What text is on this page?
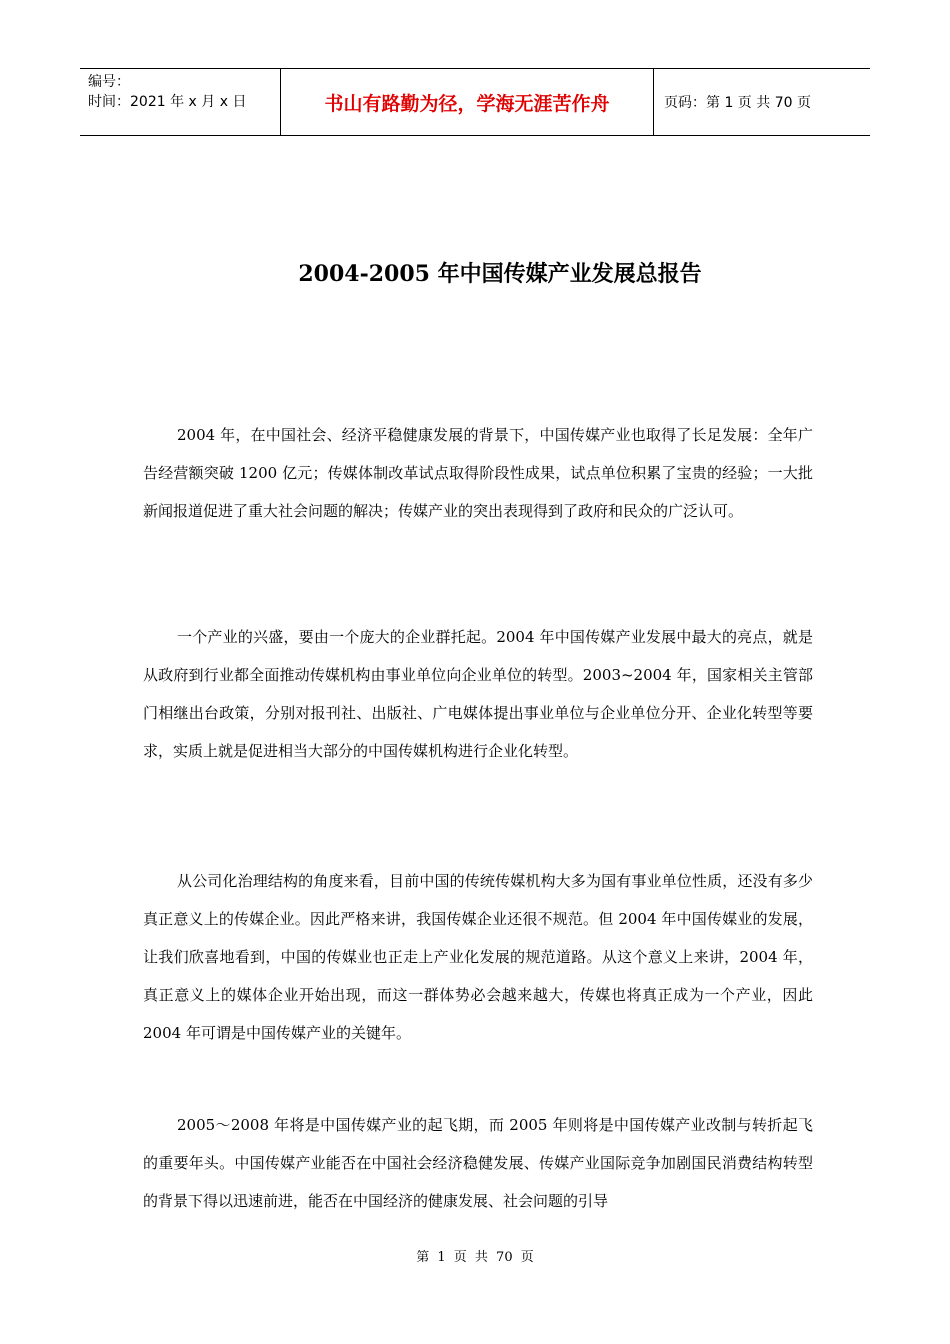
编号：
时间：2021 年 x 月 x 日	书山有路勤为径，学海无涯苦作舟	页码：第 1 页 共 70 页
2004-2005 年中国传媒产业发展总报告

2004 年，在中国社会、经济平稳健康发展的背景下，中国传媒产业也取得了长足发展：全年广告经营额突破 1200 亿元；传媒体制改革试点取得阶段性成果，试点单位积累了宝贵的经验；一大批新闻报道促进了重大社会问题的解决；传媒产业的突出表现得到了政府和民众的广泛认可。

一个产业的兴盛，要由一个庞大的企业群托起。2004 年中国传媒产业发展中最大的亮点，就是从政府到行业都全面推动传媒机构由事业单位向企业单位的转型。2003~2004 年，国家相关主管部门相继出台政策，分别对报刊社、出版社、广电媒体提出事业单位与企业单位分开、企业化转型等要求，实质上就是促进相当大部分的中国传媒机构进行企业化转型。

从公司化治理结构的角度来看，目前中国的传统传媒机构大多为国有事业单位性质，还没有多少真正意义上的传媒企业。因此严格来讲，我国传媒企业还很不规范。但 2004 年中国传媒业的发展，让我们欣喜地看到，中国的传媒业也正走上产业化发展的规范道路。从这个意义上来讲，2004 年，真正意义上的媒体企业开始出现，而这一群体势必会越来越大，传媒也将真正成为一个产业，因此 2004 年可谓是中国传媒产业的关键年。

2005～2008 年将是中国传媒产业的起飞期，而 2005 年则将是中国传媒产业改制与转折起飞的重要年头。中国传媒产业能否在中国社会经济稳健发展、传媒产业国际竞争加剧国民消费结构转型的背景下得以迅速前进，能否在中国经济的健康发展、社会问题的引导

第 1 页 共 70 页
